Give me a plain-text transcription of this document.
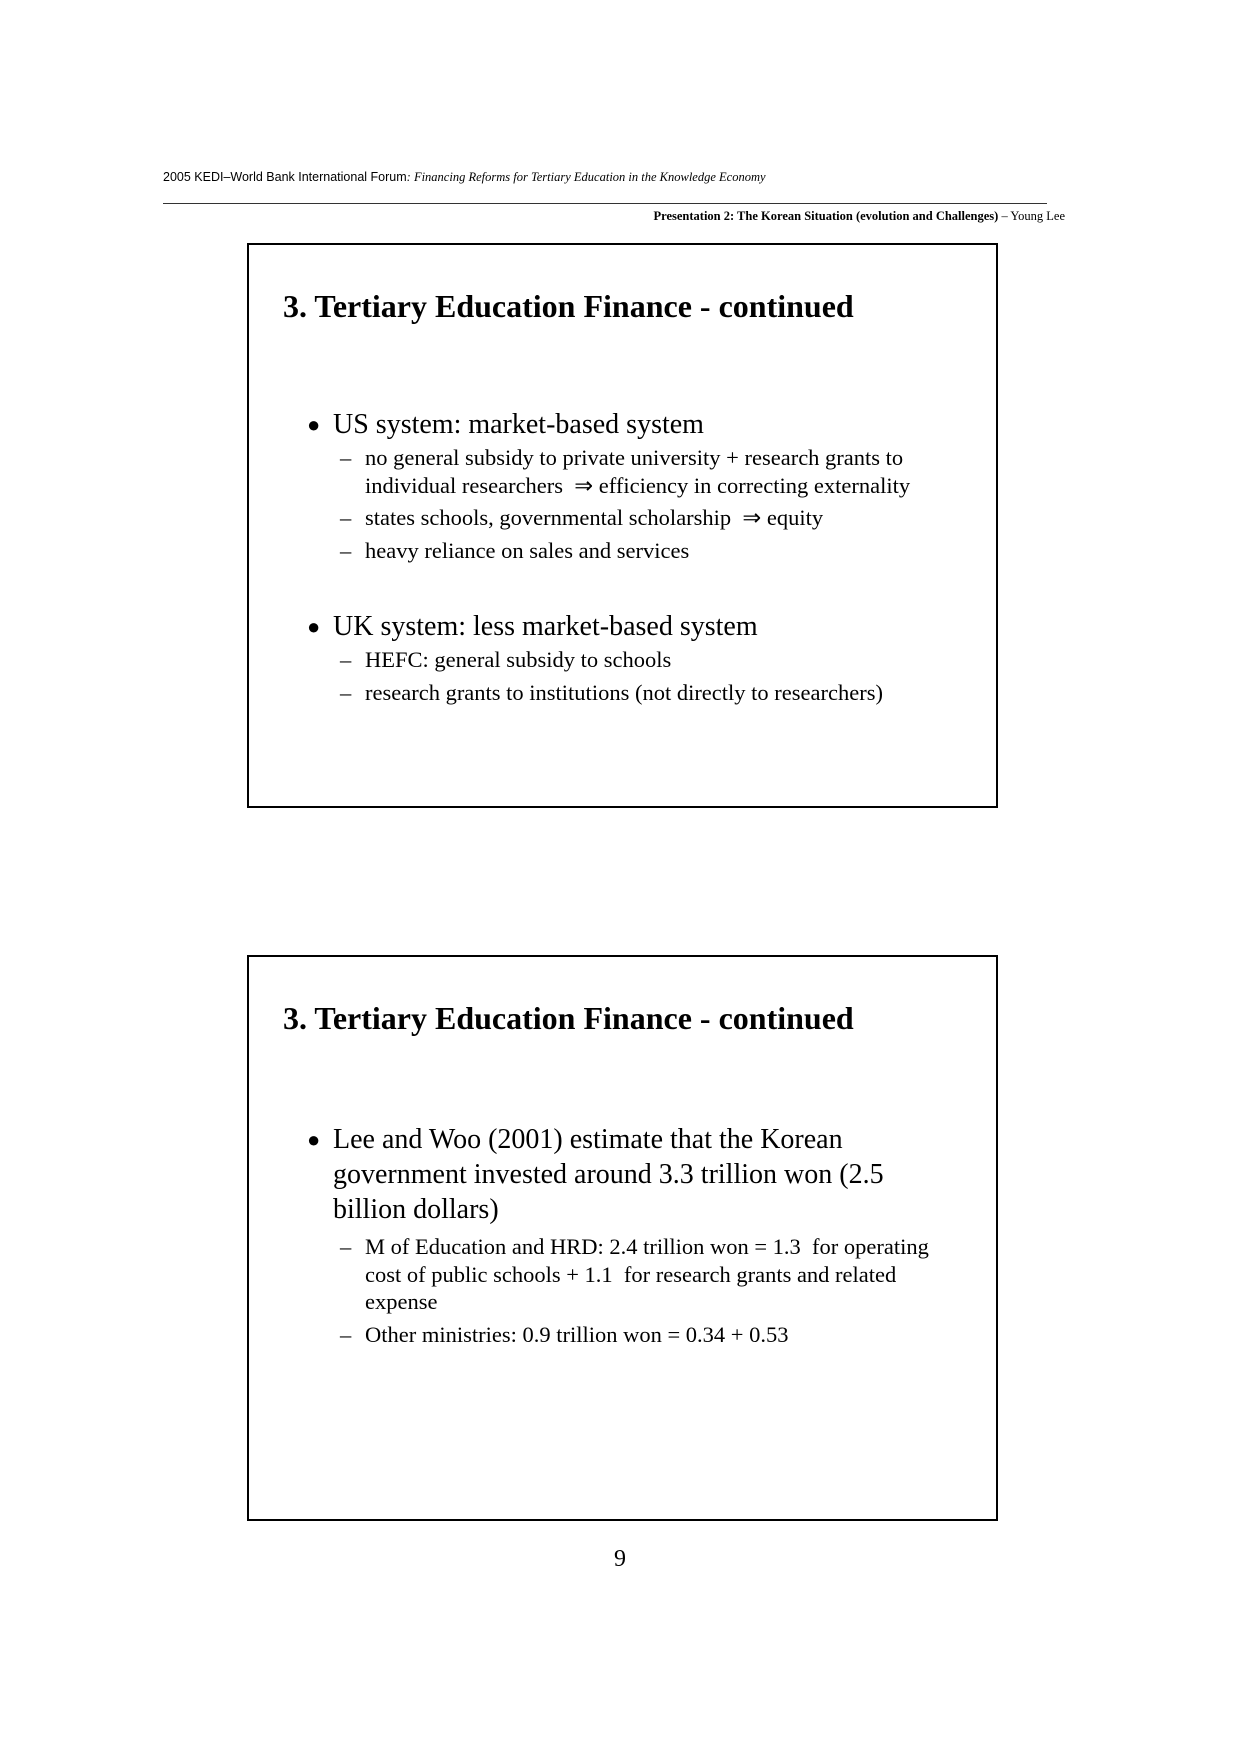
2005 KEDI–World Bank International Forum: Financing Reforms for Tertiary Education in the Knowledge Economy
Presentation 2: The Korean Situation (evolution and Challenges) – Young Lee
3. Tertiary Education Finance - continued
● US system: market-based system
– no general subsidy to private university + research grants to individual researchers  ⇒ efficiency in correcting externality
– states schools, governmental scholarship  ⇒ equity
– heavy reliance on sales and services
● UK system: less market-based system
– HEFC: general subsidy to schools
– research grants to institutions (not directly to researchers)
3. Tertiary Education Finance - continued
● Lee and Woo (2001) estimate that the Korean government invested around 3.3 trillion won (2.5 billion dollars)
– M of Education and HRD: 2.4 trillion won = 1.3  for operating cost of public schools + 1.1  for research grants and related expense
– Other ministries: 0.9 trillion won = 0.34 + 0.53
9
